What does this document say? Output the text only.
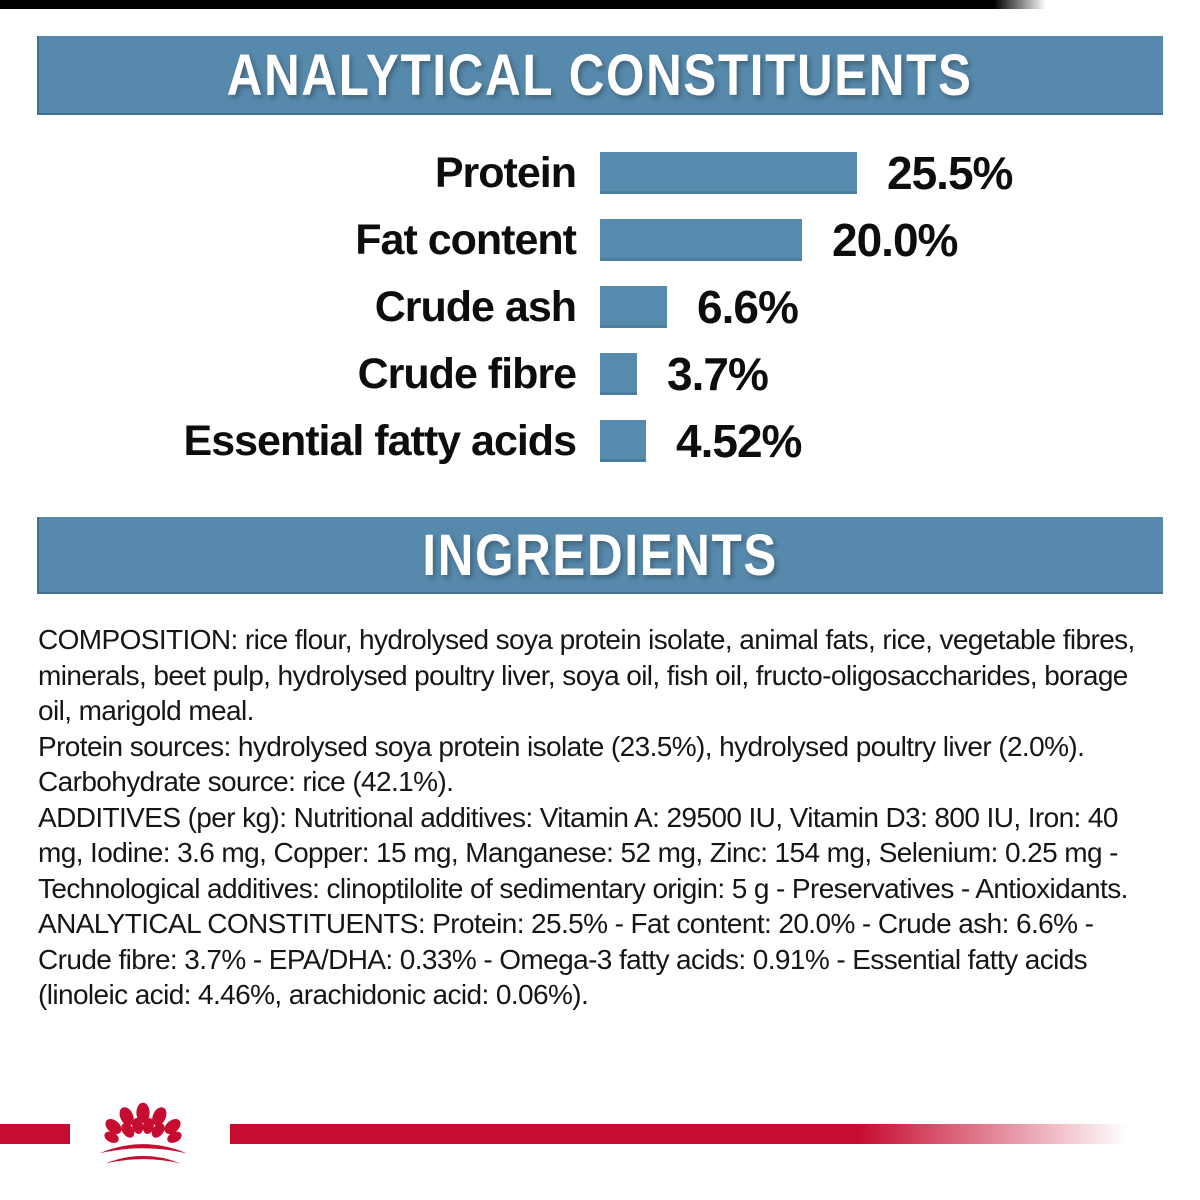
ANALYTICAL CONSTITUENTS
Protein	25.5%
Fat content	20.0%
Crude ash	6.6%
Crude fibre 3.7%
Essential fatty acids 4.52%
INGREDIENTS

COMPOSITION: rice flour, hydrolysed soya protein isolate, animal fats, rice, vegetable fibres, minerals, beet pulp, hydrolysed poultry liver, soya oil, fish oil, fructo-oligosaccharides, borage oil, marigold meal.

Protein sources: hydrolysed soya protein isolate (23.5%), hydrolysed poultry liver (2.0%).

Carbohydrate source: rice (42.1%).

ADDITIVES (per kg): Nutritional additives: Vitamin A: 29500 IU, Vitamin D3: 800 IU, Iron: 40 mg, Iodine: 3.6 mg, Copper: 15 mg, Manganese: 52 mg, Zinc: 154 mg, Selenium: 0.25 mg - Technological additives: clinoptilolite of sedimentary origin: 5 g - Preservatives - Antioxidants.

ANALYTICAL CONSTITUENTS: Protein: 25.5% - Fat content: 20.0% - Crude ash: 6.6% - Crude fibre: 3.7% - EPA/DHA: 0.33% - Omega-3 fatty acids: 0.91% - Essential fatty acids (linoleic acid: 4.46%, arachidonic acid: 0.06%).
